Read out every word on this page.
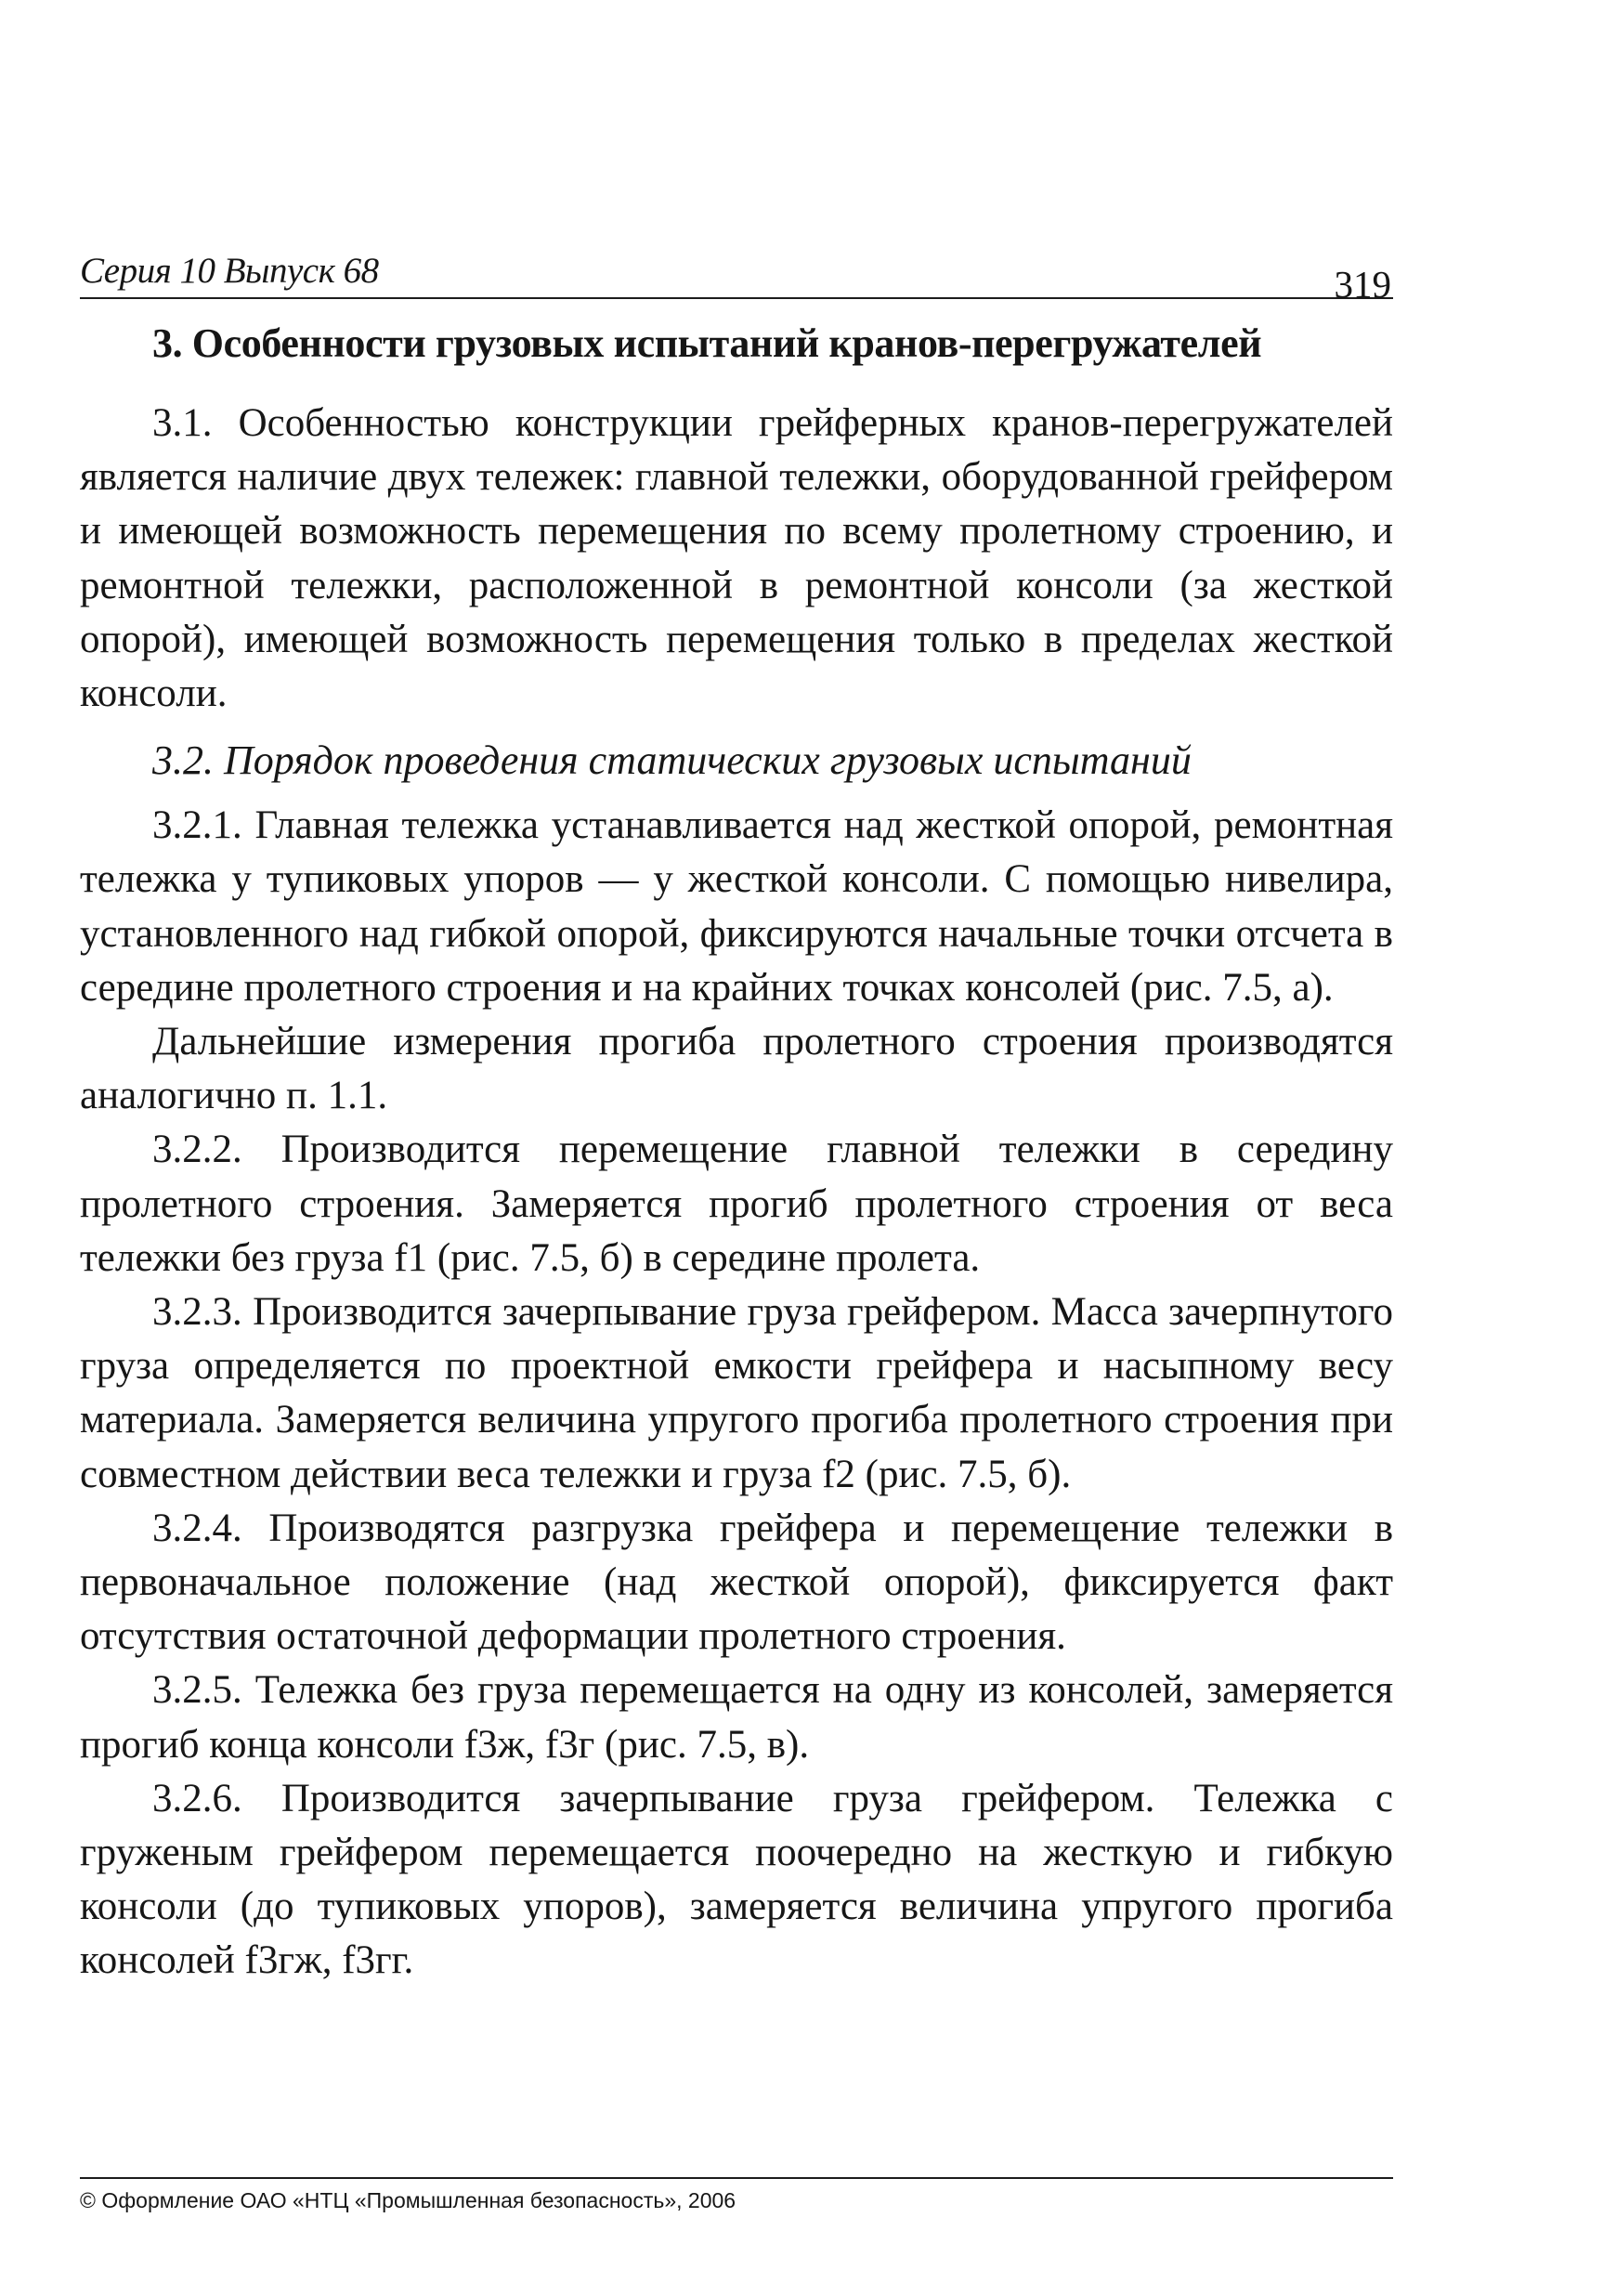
Серия 10 Выпуск 68	319
3. Особенности грузовых испытаний кранов-перегружателей

3.1. Особенностью конструкции грейферных кранов-перегружателей является наличие двух тележек: главной тележки, оборудованной грейфером и имеющей возможность перемещения по всему пролетному строению, и ремонтной тележки, расположенной в ремонтной консоли (за жесткой опорой), имеющей возможность перемещения только в пределах жесткой консоли.

3.2. Порядок проведения статических грузовых испытаний

3.2.1. Главная тележка устанавливается над жесткой опорой, ремонтная тележка у тупиковых упоров — у жесткой консоли. С помощью нивелира, установленного над гибкой опорой, фиксируются начальные точки отсчета в середине пролетного строения и на крайних точках консолей (рис. 7.5, а).

Дальнейшие измерения прогиба пролетного строения производятся аналогично п. 1.1.

3.2.2. Производится перемещение главной тележки в середину пролетного строения. Замеряется прогиб пролетного строения от веса тележки без груза f1 (рис. 7.5, б) в середине пролета.

3.2.3. Производится зачерпывание груза грейфером. Масса зачерпнутого груза определяется по проектной емкости грейфера и насыпному весу материала. Замеряется величина упругого прогиба пролетного строения при совместном действии веса тележки и груза f2 (рис. 7.5, б).

3.2.4. Производятся разгрузка грейфера и перемещение тележки в первоначальное положение (над жесткой опорой), фиксируется факт отсутствия остаточной деформации пролетного строения.

3.2.5. Тележка без груза перемещается на одну из консолей, замеряется прогиб конца консоли f3ж, f3г (рис. 7.5, в).

3.2.6. Производится зачерпывание груза грейфером. Тележка с груженым грейфером перемещается поочередно на жесткую и гибкую консоли (до тупиковых упоров), замеряется величина упругого прогиба консолей f3гж, f3гг.

© Оформление ОАО «НТЦ «Промышленная безопасность», 2006
